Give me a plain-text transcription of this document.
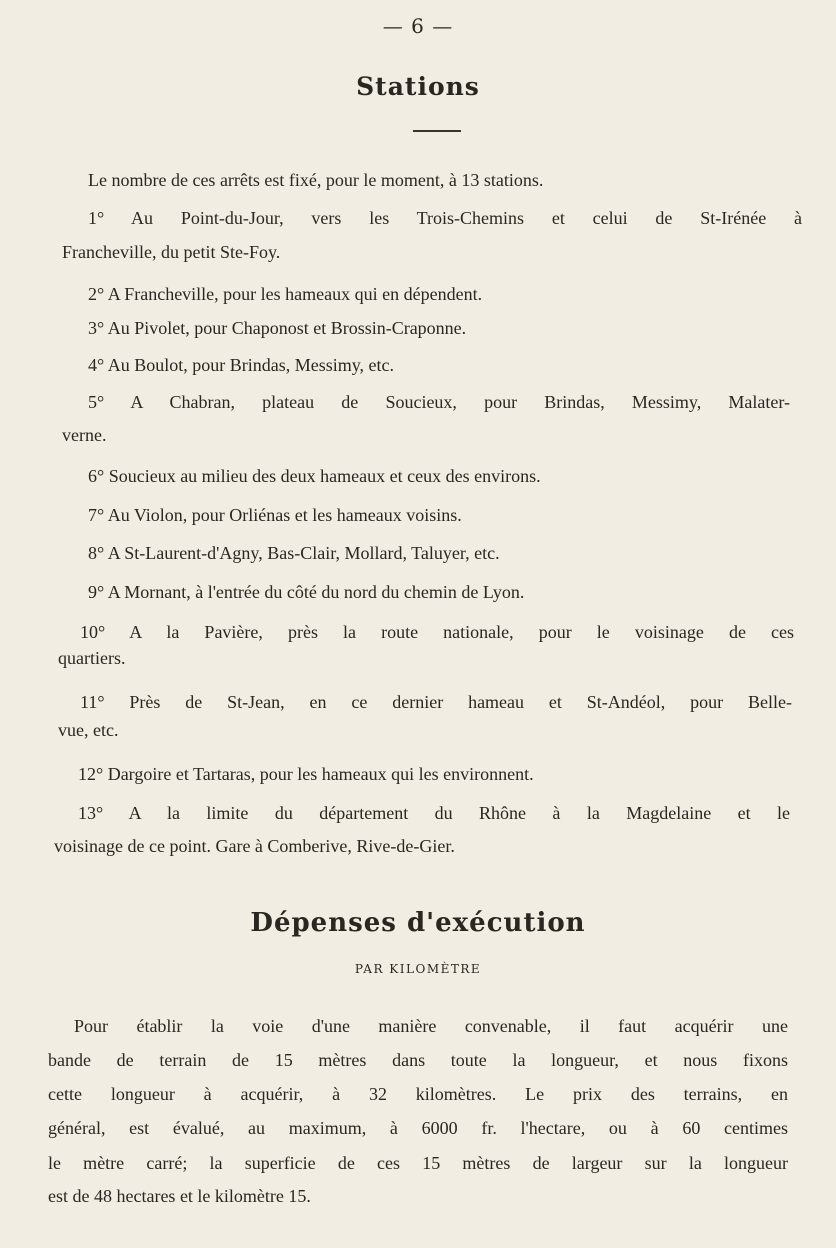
— 6 —
Stations
Le nombre de ces arrêts est fixé, pour le moment, à 13 stations.
1° Au Point-du-Jour, vers les Trois-Chemins et celui de St-Irénée à
Francheville, du petit Ste-Foy.
2° A Francheville, pour les hameaux qui en dépendent.
3° Au Pivolet, pour Chaponost et Brossin-Craponne.
4° Au Boulot, pour Brindas, Messimy, etc.
5° A Chabran, plateau de Soucieux, pour Brindas, Messimy, Malater-
verne.
6° Soucieux au milieu des deux hameaux et ceux des environs.
7° Au Violon, pour Orliénas et les hameaux voisins.
8° A St-Laurent-d'Agny, Bas-Clair, Mollard, Taluyer, etc.
9° A Mornant, à l'entrée du côté du nord du chemin de Lyon.
10° A la Pavière, près la route nationale, pour le voisinage de ces
quartiers.
11° Près de St-Jean, en ce dernier hameau et St-Andéol, pour Belle-
vue, etc.
12° Dargoire et Tartaras, pour les hameaux qui les environnent.
13° A la limite du département du Rhône à la Magdelaine et le
voisinage de ce point. Gare à Comberive, Rive-de-Gier.
Dépenses d'exécution
PAR KILOMÈTRE
Pour établir la voie d'une manière convenable, il faut acquérir une
bande de terrain de 15 mètres dans toute la longueur, et nous fixons
cette longueur à acquérir, à 32 kilomètres. Le prix des terrains, en
général, est évalué, au maximum, à 6000 fr. l'hectare, ou à 60 centimes
le mètre carré; la superficie de ces 15 mètres de largeur sur la longueur
est de 48 hectares et le kilomètre 15.
